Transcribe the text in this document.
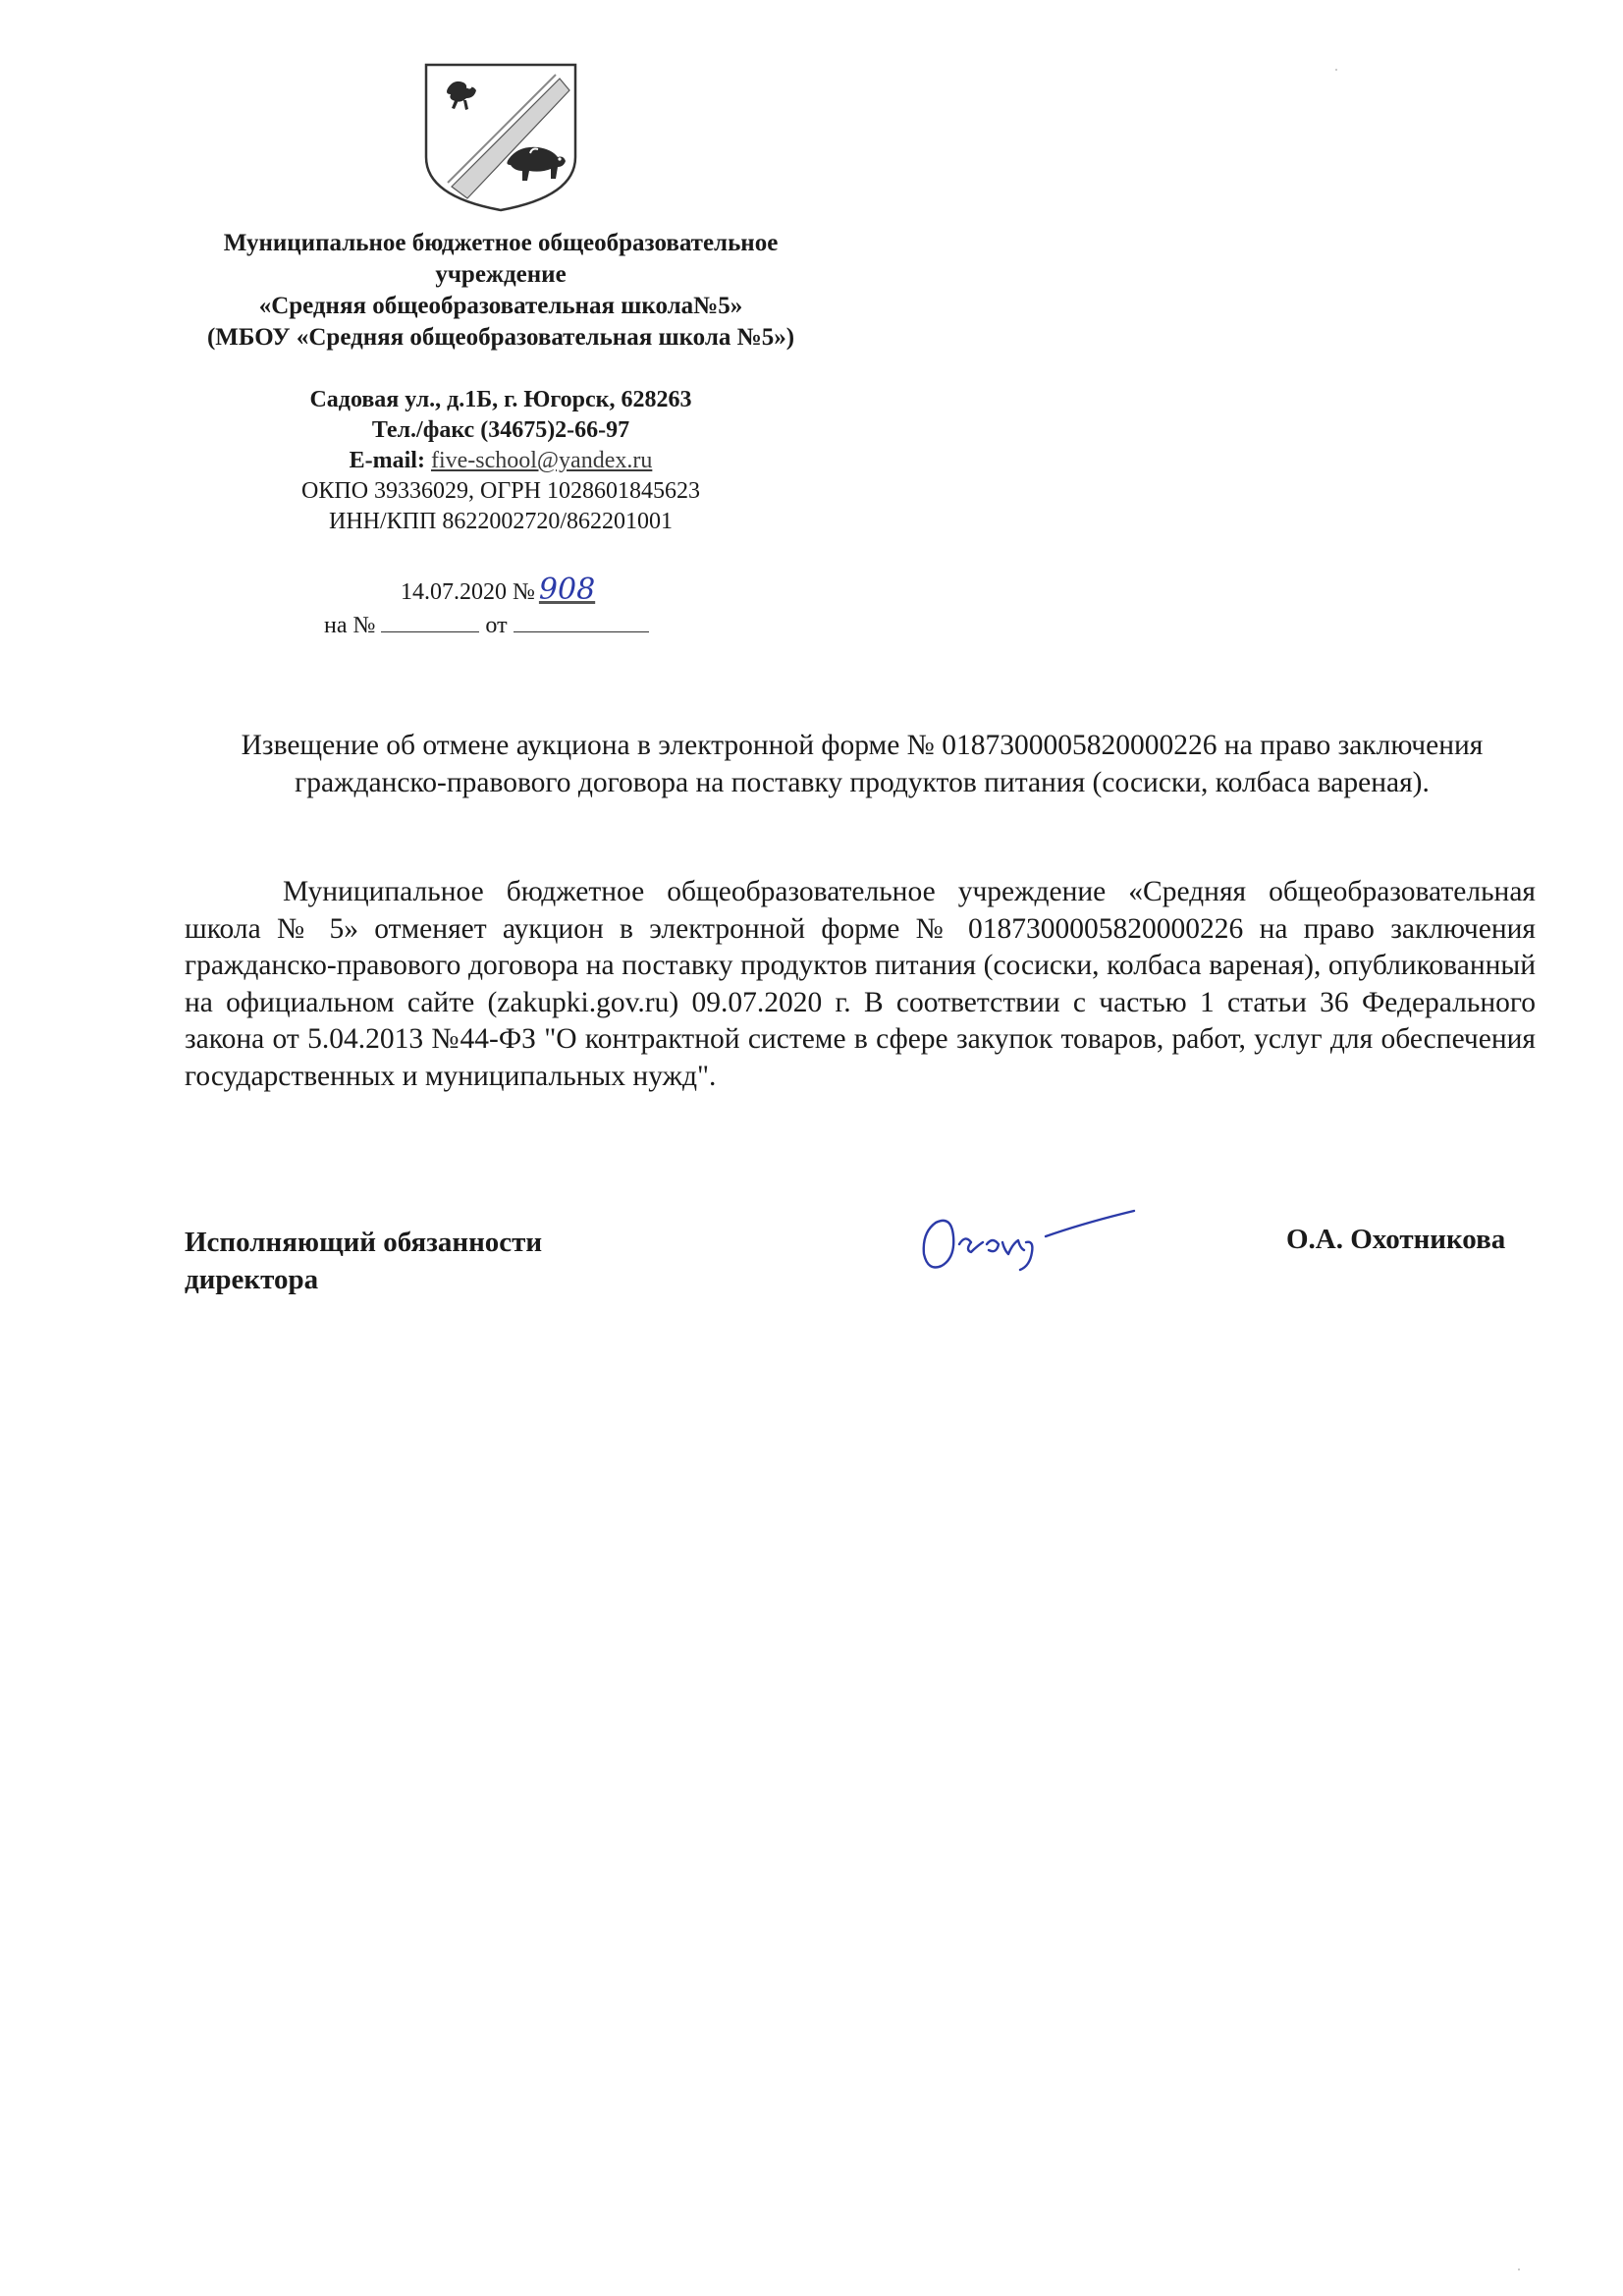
Муниципальное бюджетное общеобразовательное
учреждение
«Средняя общеобразовательная школа№5»
(МБОУ «Средняя общеобразовательная школа №5»)
Садовая ул., д.1Б, г. Югорск, 628263
Тел./факс (34675)2-66-97
E-mail: five-school@yandex.ru
ОКПО 39336029, ОГРН 1028601845623
ИНН/КПП 8622002720/862201001
14.07.2020 № 908
на №	от
Извещение об отмене аукциона в электронной форме № 0187300005820000226 на право заключения гражданско-правового договора на поставку продуктов питания (сосиски, колбаса вареная).
Муниципальное бюджетное общеобразовательное учреждение «Средняя общеобразовательная школа № 5» отменяет аукцион в электронной форме № 0187300005820000226 на право заключения гражданско-правового договора на поставку продуктов питания (сосиски, колбаса вареная), опубликованный на официальном сайте (zakupki.gov.ru) 09.07.2020 г. В соответствии с частью 1 статьи 36 Федерального закона от 5.04.2013 №44-ФЗ "О контрактной системе в сфере закупок товаров, работ, услуг для обеспечения государственных и муниципальных нужд".
Исполняющий обязанности
директора
О.А. Охотникова
